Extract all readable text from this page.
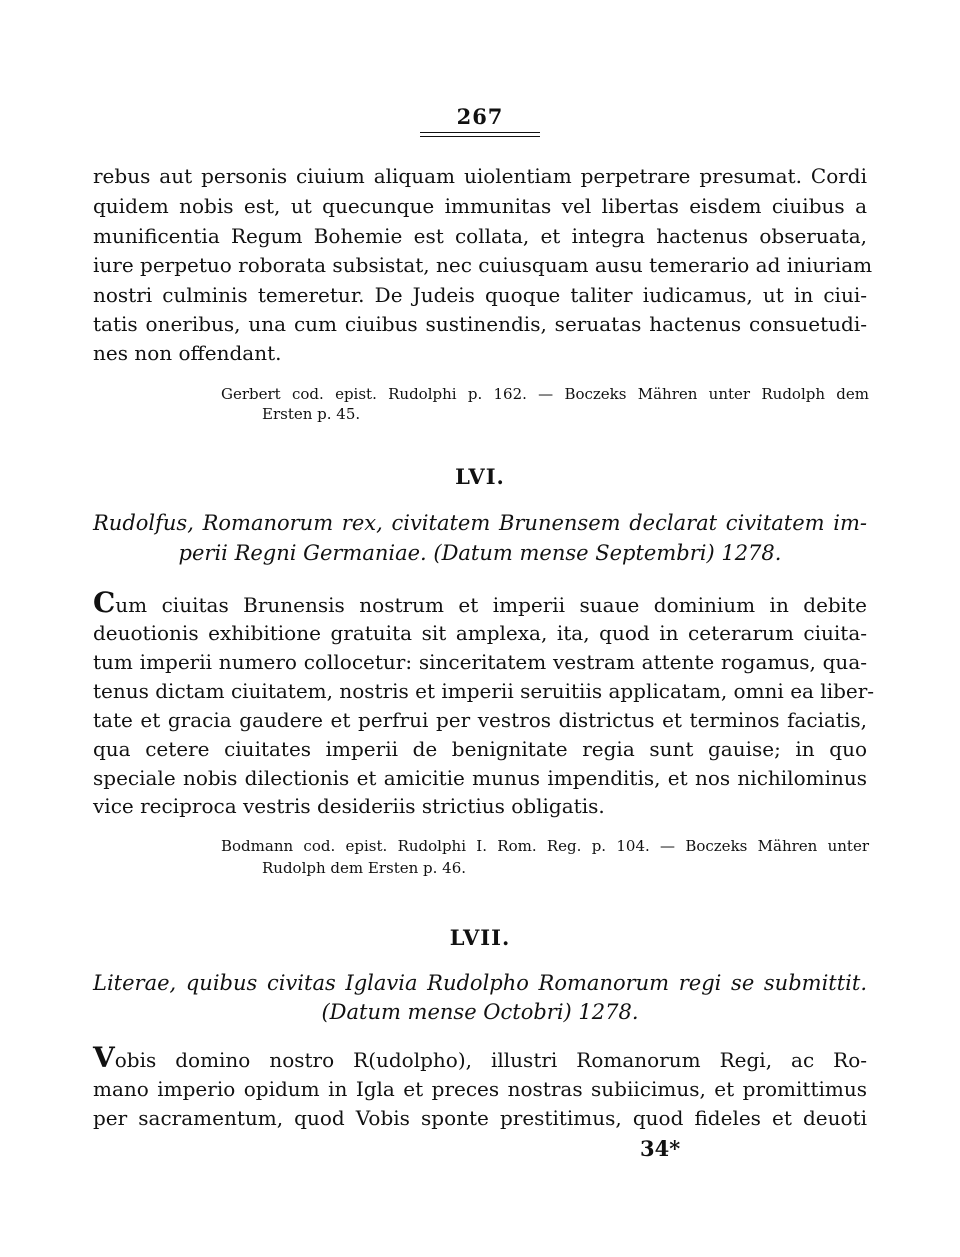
267
rebus aut personis ciuium aliquam uiolentiam perpetrare presumat. Cordi
quidem nobis est, ut quecunque immunitas vel libertas eisdem ciuibus a
munificentia Regum Bohemie est collata, et integra hactenus obseruata,
iure perpetuo roborata subsistat, nec cuiusquam ausu temerario ad iniuriam
nostri culminis temeretur. De Judeis quoque taliter iudicamus, ut in ciui-
tatis oneribus, una cum ciuibus sustinendis, seruatas hactenus consuetudi-
nes non offendant.
Gerbert cod. epist. Rudolphi p. 162. — Boczeks Mähren unter Rudolph dem
Ersten p. 45.
LVI.
Rudolfus, Romanorum rex, civitatem Brunensem declarat civitatem im-
perii Regni Germaniae. (Datum mense Septembri) 1278.
Cum ciuitas Brunensis nostrum et imperii suaue dominium in debite
deuotionis exhibitione gratuita sit amplexa, ita, quod in ceterarum ciuita-
tum imperii numero collocetur: sinceritatem vestram attente rogamus, qua-
tenus dictam ciuitatem, nostris et imperii seruitiis applicatam, omni ea liber-
tate et gracia gaudere et perfrui per vestros districtus et terminos faciatis,
qua cetere ciuitates imperii de benignitate regia sunt gauise; in quo
speciale nobis dilectionis et amicitie munus impenditis, et nos nichilominus
vice reciproca vestris desideriis strictius obligatis.
Bodmann cod. epist. Rudolphi I. Rom. Reg. p. 104. — Boczeks Mähren unter
Rudolph dem Ersten p. 46.
LVII.
Literae, quibus civitas Iglavia Rudolpho Romanorum regi se submittit.
(Datum mense Octobri) 1278.
Vobis domino nostro R(udolpho), illustri Romanorum Regi, ac Ro-
mano imperio opidum in Igla et preces nostras subiicimus, et promittimus
per sacramentum, quod Vobis sponte prestitimus, quod fideles et deuoti
34*
